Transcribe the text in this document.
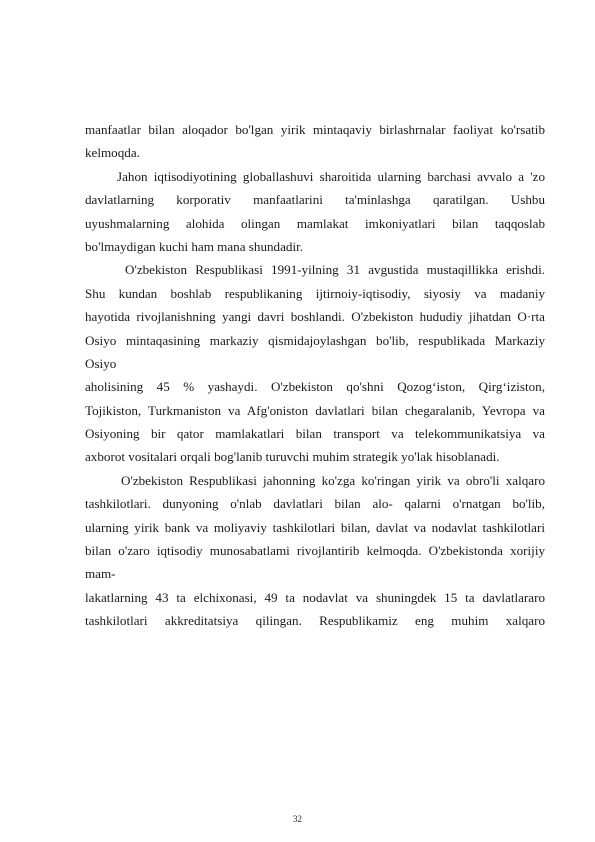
manfaatlar bilan aloqador bo'lgan yirik mintaqaviy birlashrnalar faoliyat ko'rsatib
kelmoqda.
Jahon iqtisodiyotining globallashuvi sharoitida ularning barchasi avvalo a 'zo
davlatlarning korporativ manfaatlarini ta'minlashga qaratilgan. Ushbu
uyushmalarning alohida olingan mamlakat imkoniyatlari bilan taqqoslab
bo'lmaydigan kuchi ham mana shundadir.
O'zbekiston Respublikasi 1991-yilning 31 avgustida mustaqillikka erishdi.
Shu kundan boshlab respublikaning ijtirnoiy-iqtisodiy, siyosiy va madaniy
hayotida rivojlanishning yangi davri boshlandi. O'zbekiston hududiy jihatdan O·rta
Osiyo mintaqasining markaziy qismidajoylashgan bo'lib, respublikada Markaziy
Osiyo
aholisining 45 % yashaydi. O'zbekiston qo'shni Qozog‘iston, Qirg‘iziston,
Tojikiston, Turkmaniston va Afg'oniston davlatlari bilan chegaralanib, Yevropa va
Osiyoning bir qator mamlakatlari bilan transport va telekommunikatsiya va
axborot vositalari orqali bog'lanib turuvchi muhim strategik yo'lak hisoblanadi.
O'zbekiston Respublikasi jahonning ko'zga ko'ringan yirik va obro'li xalqaro
tashkilotlari. dunyoning o'nlab davlatlari bilan alo- qalarni o'rnatgan bo'lib,
ularning yirik bank va moliyaviy tashkilotlari bilan, davlat va nodavlat tashkilotlari
bilan o'zaro iqtisodiy munosabatlami rivojlantirib kelmoqda. O'zbekistonda xorijiy
mam-
lakatlarning 43 ta elchixonasi, 49 ta nodavlat va shuningdek 15 ta davlatlararo
tashkilotlari akkreditatsiya qilingan. Respublikamiz eng muhim xalqaro
32
